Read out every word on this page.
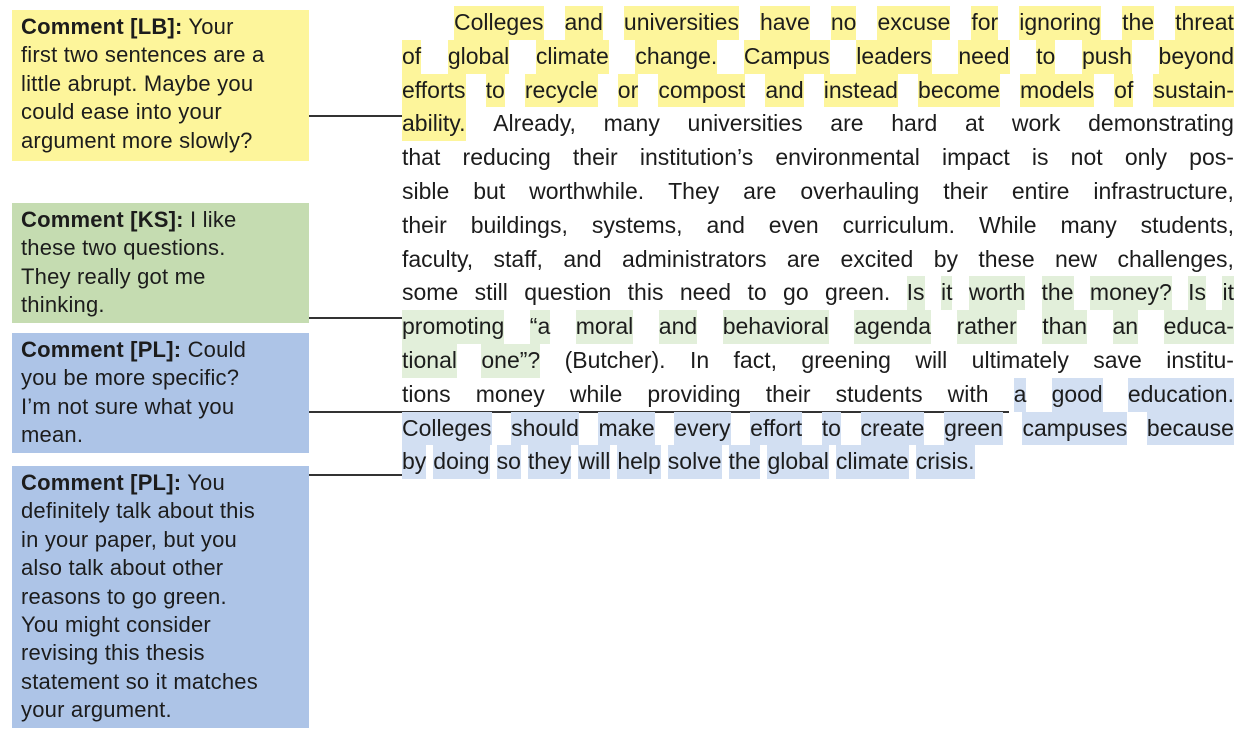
Comment [LB]: Your
first two sentences are a
little abrupt. Maybe you
could ease into your
argument more slowly?
Comment [KS]: I like
these two questions.
They really got me
thinking.
Comment [PL]: Could
you be more specific?
I’m not sure what you
mean.
Comment [PL]: You
definitely talk about this
in your paper, but you
also talk about other
reasons to go green.
You might consider
revising this thesis
statement so it matches
your argument.
Colleges and universities have no excuse for ignoring the threat
of global climate change. Campus leaders need to push beyond
efforts to recycle or compost and instead become models of sustain-
ability. Already, many universities are hard at work demonstrating
that reducing their institution’s environmental impact is not only pos-
sible but worthwhile. They are overhauling their entire infrastructure,
their buildings, systems, and even curriculum. While many students,
faculty, staff, and administrators are excited by these new challenges,
some still question this need to go green. Is it worth the money? Is it
promoting “a moral and behavioral agenda rather than an educa-
tional one”? (Butcher). In fact, greening will ultimately save institu-
tions money while providing their students with a good education.
Colleges should make every effort to create green campuses because
by doing so they will help solve the global climate crisis.
